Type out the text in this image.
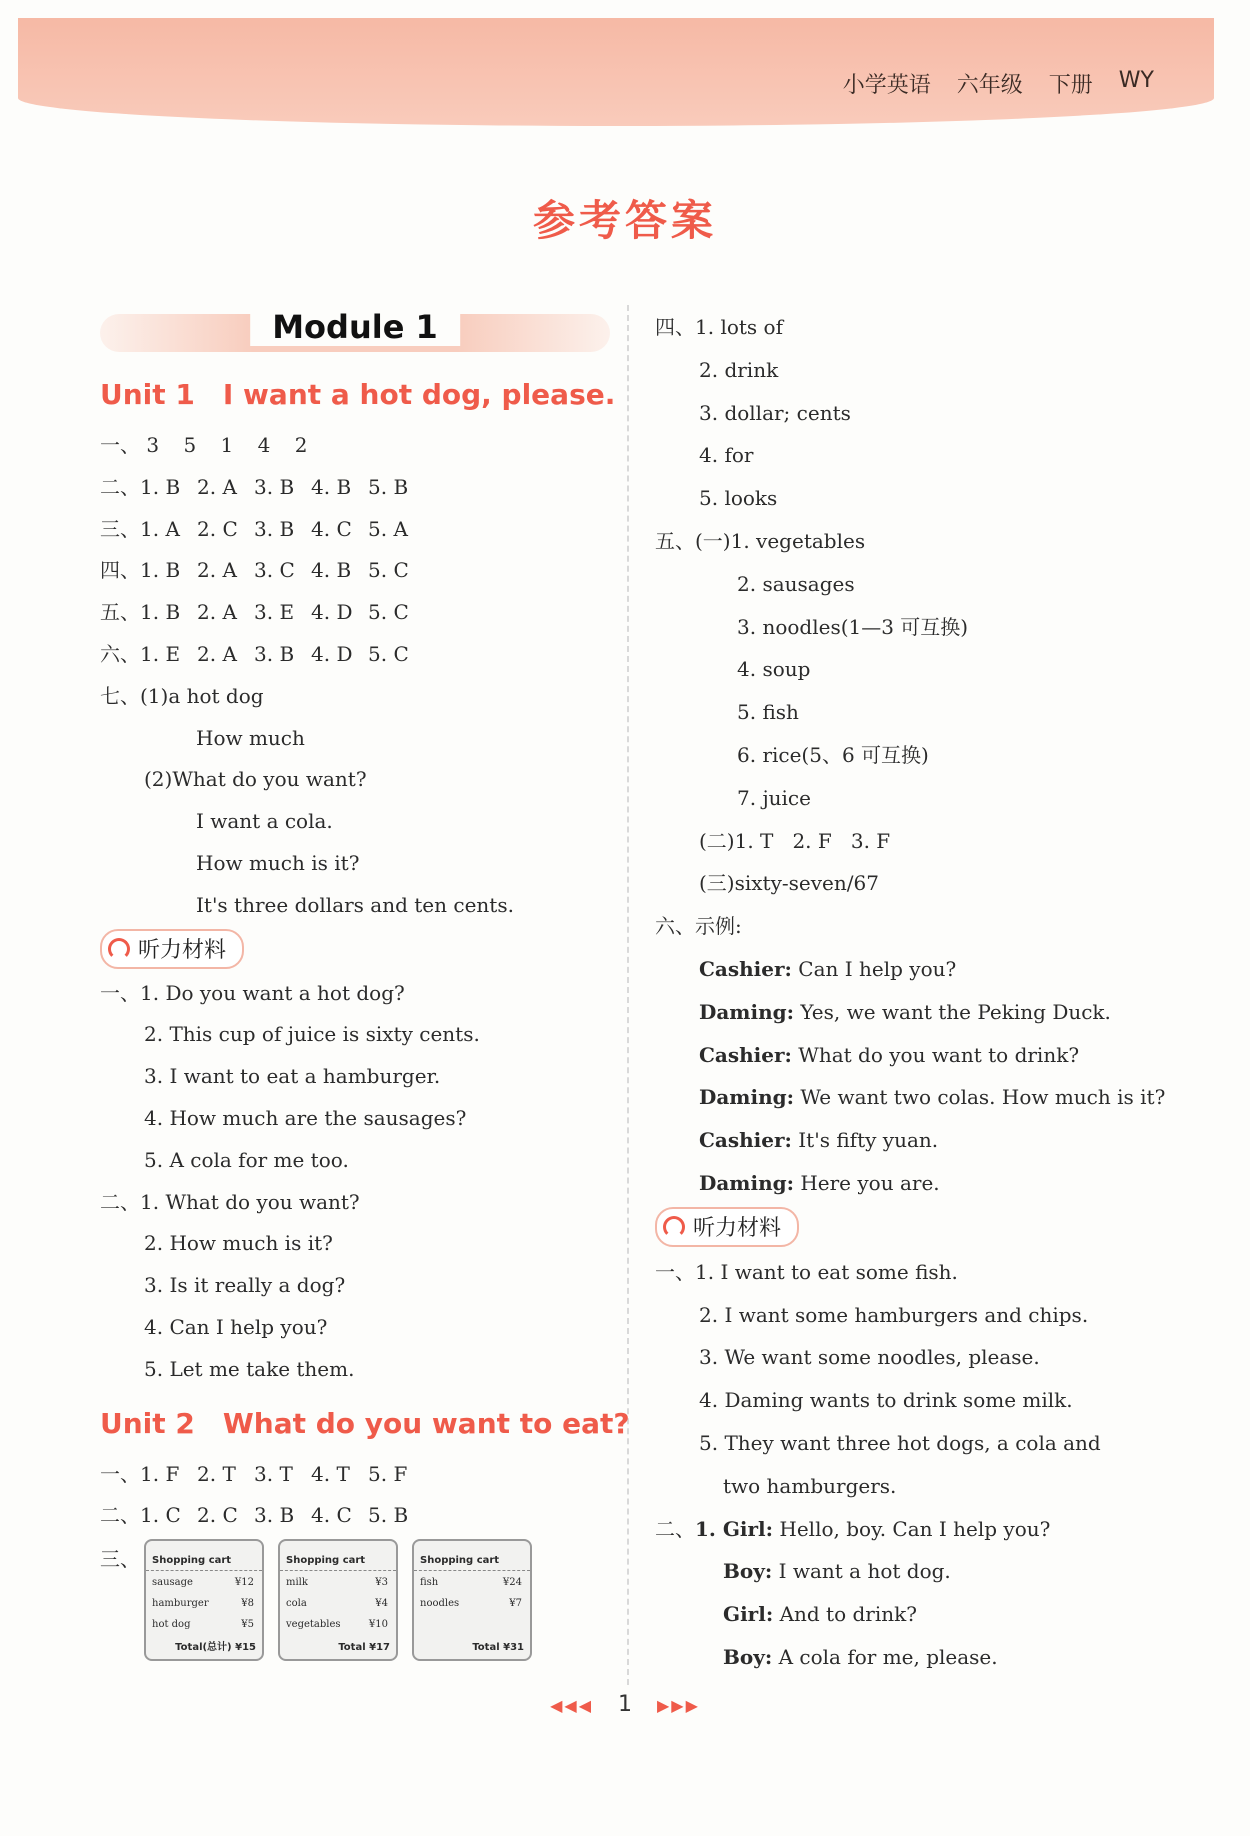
小学英语 六年级 下册 WY
参考答案
Module 1
Unit 1 I want a hot dog, please.
一、 3 5 1 4 2
二、1. B 2. A 3. B 4. B 5. B
三、1. A 2. C 3. B 4. C 5. A
四、1. B 2. A 3. C 4. B 5. C
五、1. B 2. A 3. E 4. D 5. C
六、1. E 2. A 3. B 4. D 5. C
七、(1)a hot dog
How much
(2)What do you want?
I want a cola.
How much is it?
It's three dollars and ten cents.
听力材料
一、1. Do you want a hot dog?
2. This cup of juice is sixty cents.
3. I want to eat a hamburger.
4. How much are the sausages?
5. A cola for me too.
二、1. What do you want?
2. How much is it?
3. Is it really a dog?
4. Can I help you?
5. Let me take them.
Unit 2 What do you want to eat?
一、1. F 2. T 3. T 4. T 5. F
二、1. C 2. C 3. B 4. C 5. B
三、	Shopping cart
sausage	¥12
hamburger	¥8
hot dog	¥5
Total(总计) ¥15
Shopping cart
milk	¥3
cola	¥4
vegetables	¥10
Total ¥17
Shopping cart
fish	¥24
noodles	¥7
Total ¥31
四、1. lots of
2. drink
3. dollar; cents
4. for
5. looks
五、(一)1. vegetables
2. sausages
3. noodles(1—3 可互换)
4. soup
5. fish
6. rice(5、6 可互换)
7. juice
(二)1. T   2. F   3. F
(三)sixty-seven/67
六、示例:
Cashier: Can I help you?
Daming: Yes, we want the Peking Duck.
Cashier: What do you want to drink?
Daming: We want two colas. How much is it?
Cashier: It's fifty yuan.
Daming: Here you are.
听力材料
一、1. I want to eat some fish.
2. I want some hamburgers and chips.
3. We want some noodles, please.
4. Daming wants to drink some milk.
5. They want three hot dogs, a cola and
two hamburgers.
二、1. Girl: Hello, boy. Can I help you?
Boy: I want a hot dog.
Girl: And to drink?
Boy: A cola for me, please.
◀◀◀ 1 ▶▶▶
